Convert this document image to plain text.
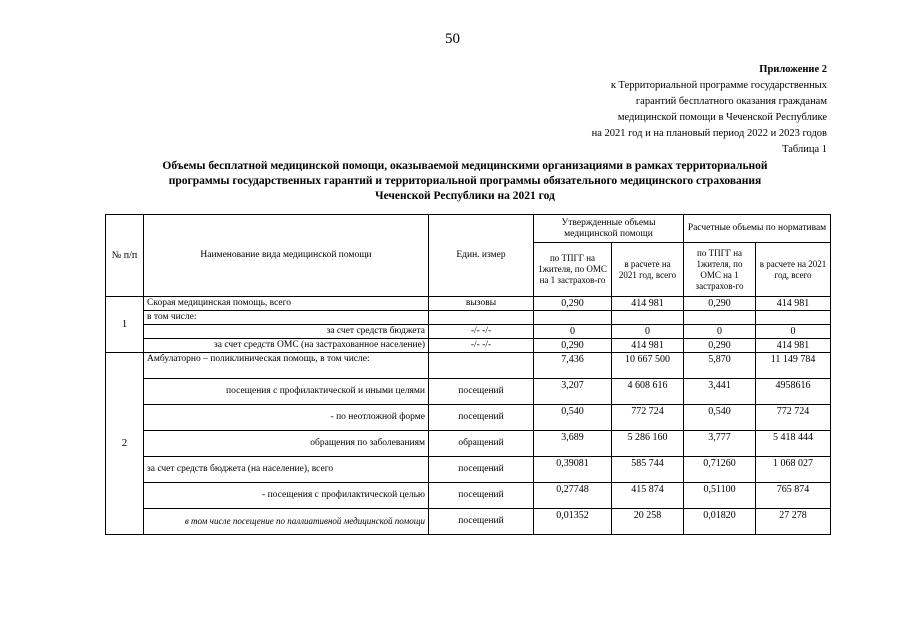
50
Приложение 2
к Территориальной программе государственных
гарантий бесплатного оказания гражданам
медицинской помощи в Чеченской Республике
на 2021 год и на плановый период 2022 и 2023 годов
Таблица 1
Объемы бесплатной медицинской помощи, оказываемой медицинскими организациями в рамках территориальной
программы государственных гарантий и территориальной программы обязательного медицинского страхования
Чеченской Республики на 2021 год
№ п/п	Наименование вида медицинской помощи	Един. измер	Утвержденные объемы медицинской помощи		Расчетные объемы по нормативам	
			по ТПГГ на 1жителя, по ОМС на 1 застрахов-го	в расчете на 2021 год, всего	по ТПГГ на 1жителя, по ОМС на 1 застрахов-го	в расчете на 2021 год, всего
1	Скорая медицинская помощь, всего	вызовы	0,290	414 981	0,290	414 981
	в том числе:					
	за счет средств бюджета	-/- -/-	0	0	0	0
	за счет средств ОМС (на застрахованное население)	-/- -/-	0,290	414 981	0,290	414 981
2	Амбулаторно – поликлиническая помощь, в том числе:		7,436	10 667 500	5,870	11 149 784
	посещения с профилактической и иными целями	посещений	3,207	4 608 616	3,441	4958616
	- по неотложной форме	посещений	0,540	772 724	0,540	772 724
	обращения по заболеваниям	обращений	3,689	5 286 160	3,777	5 418 444
	за счет средств бюджета (на население), всего	посещений	0,39081	585 744	0,71260	1 068 027
	- посещения с профилактической целью	посещений	0,27748	415 874	0,51100	765 874
	в том числе посещение по паллиативной медицинской помощи	посещений	0,01352	20 258	0,01820	27 278
